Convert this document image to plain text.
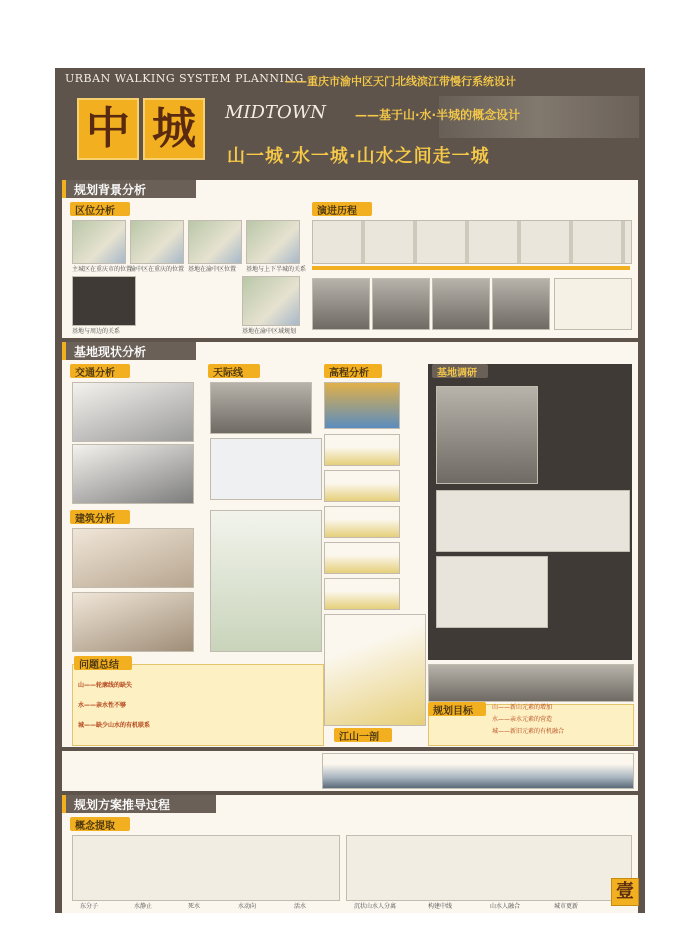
URBAN WALKING SYSTEM PLANNING
——重庆市渝中区天门北线滨江带慢行系统设计
中 城	MIDTOWN ——基于山·水·半城的概念设计
山一城·水一城·山水之间走一城
规划背景分析
区位分析	演进历程
主城区在重庆市的位置
渝中区在重庆的位置 基地在渝中区位置 基地与上下半城的关系
基地与周边的关系	基地在渝中区域规划
基地现状分析
交通分析	天际线	高程分析
建筑分析
基地调研
问题总结
山——轮廓线的缺失
水——亲水性不够
城——缺少山水的有机联系
规划目标	山——新山元素的增加
水——亲水元素的营造
城——新旧元素的有机融合
江山一剖
规划方案推导过程
概念提取
东分子	水静止	死水	水动向	活水	沉状山水人分离	构建中线	山水人融合	城市更新
壹
